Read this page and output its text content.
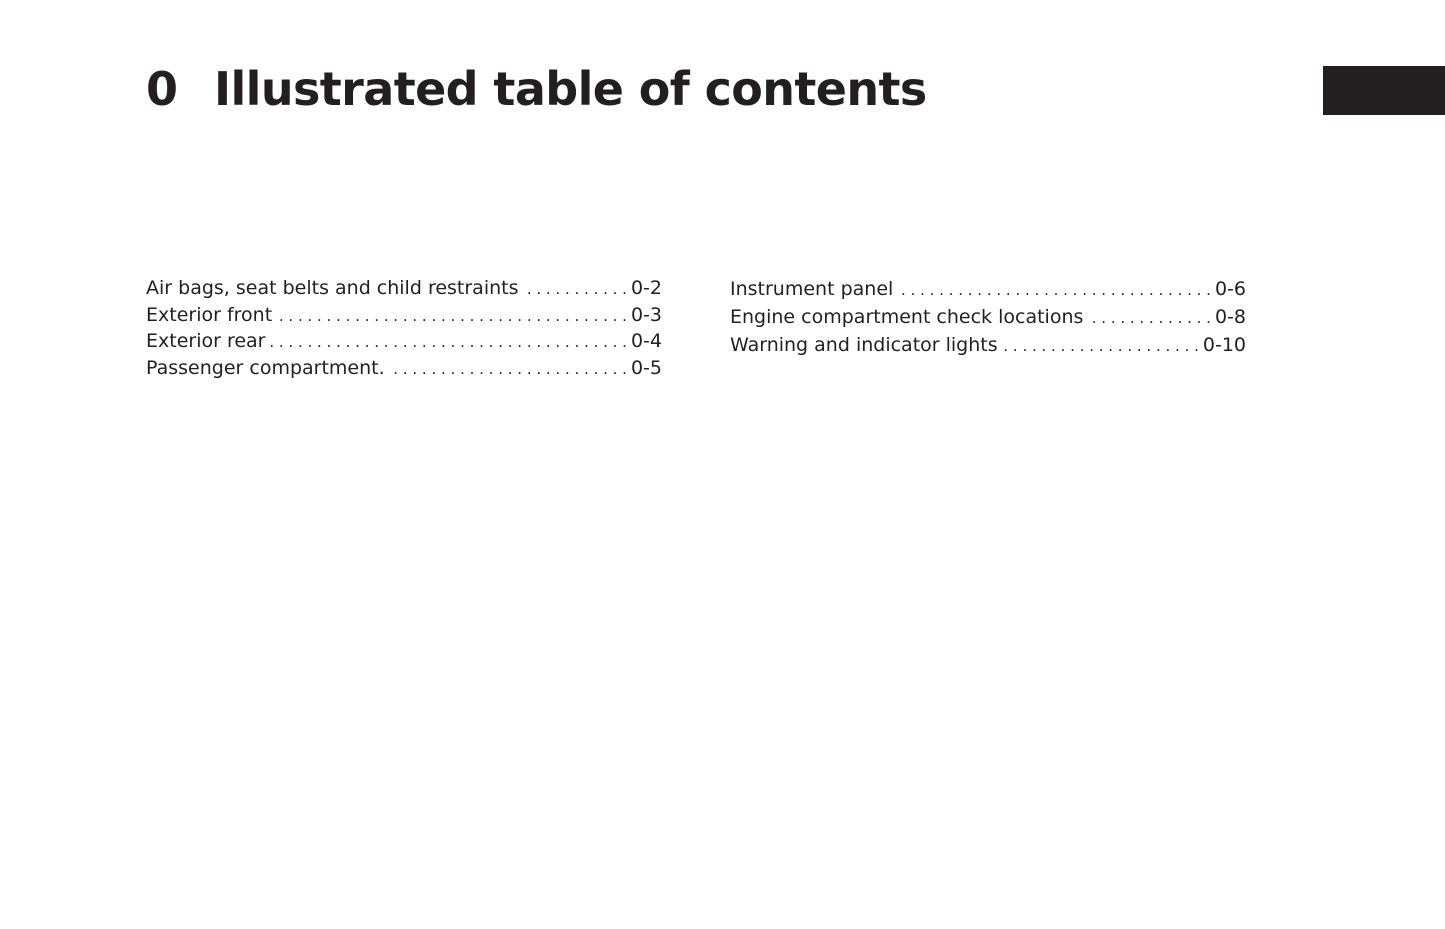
0 Illustrated table of contents
Air bags, seat belts and child restraints . . .	0-2
Exterior front . . .	0-3
Exterior rear . . .	0-4
Passenger compartment. . . .	0-5
Instrument panel . . .	0-6
Engine compartment check locations . . .	0-8
Warning and indicator lights . . .	0-10
